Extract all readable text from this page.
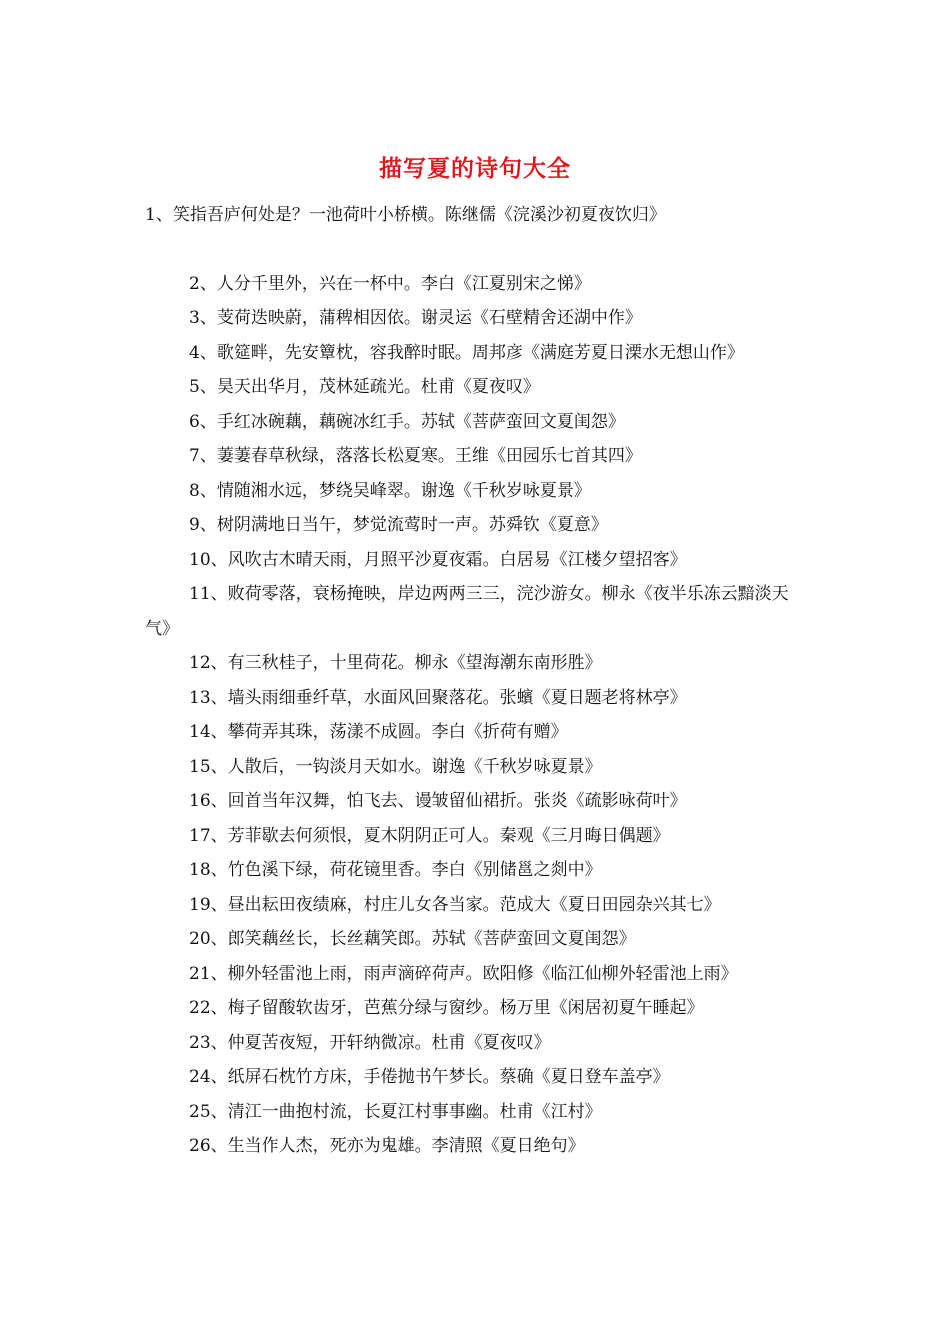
描写夏的诗句大全
1、笑指吾庐何处是？一池荷叶小桥横。陈继儒《浣溪沙初夏夜饮归》
2、人分千里外，兴在一杯中。李白《江夏别宋之悌》
3、芰荷迭映蔚，蒲稗相因依。谢灵运《石壁精舍还湖中作》
4、歌筵畔，先安簟枕，容我醉时眠。周邦彦《满庭芳夏日溧水无想山作》
5、昊天出华月，茂林延疏光。杜甫《夏夜叹》
6、手红冰碗藕，藕碗冰红手。苏轼《菩萨蛮回文夏闺怨》
7、萋萋春草秋绿，落落长松夏寒。王维《田园乐七首其四》
8、情随湘水远，梦绕吴峰翠。谢逸《千秋岁咏夏景》
9、树阴满地日当午，梦觉流莺时一声。苏舜钦《夏意》
10、风吹古木晴天雨，月照平沙夏夜霜。白居易《江楼夕望招客》
11、败荷零落，衰杨掩映，岸边两两三三，浣沙游女。柳永《夜半乐冻云黯淡天气》
12、有三秋桂子，十里荷花。柳永《望海潮东南形胜》
13、墙头雨细垂纤草，水面风回聚落花。张蠙《夏日题老将林亭》
14、攀荷弄其珠，荡漾不成圆。李白《折荷有赠》
15、人散后，一钩淡月天如水。谢逸《千秋岁咏夏景》
16、回首当年汉舞，怕飞去、谩皱留仙裙折。张炎《疏影咏荷叶》
17、芳菲歇去何须恨，夏木阴阴正可人。秦观《三月晦日偶题》
18、竹色溪下绿，荷花镜里香。李白《别储邕之剡中》
19、昼出耘田夜绩麻，村庄儿女各当家。范成大《夏日田园杂兴其七》
20、郎笑藕丝长，长丝藕笑郎。苏轼《菩萨蛮回文夏闺怨》
21、柳外轻雷池上雨，雨声滴碎荷声。欧阳修《临江仙柳外轻雷池上雨》
22、梅子留酸软齿牙，芭蕉分绿与窗纱。杨万里《闲居初夏午睡起》
23、仲夏苦夜短，开轩纳微凉。杜甫《夏夜叹》
24、纸屏石枕竹方床，手倦抛书午梦长。蔡确《夏日登车盖亭》
25、清江一曲抱村流，长夏江村事事幽。杜甫《江村》
26、生当作人杰，死亦为鬼雄。李清照《夏日绝句》
